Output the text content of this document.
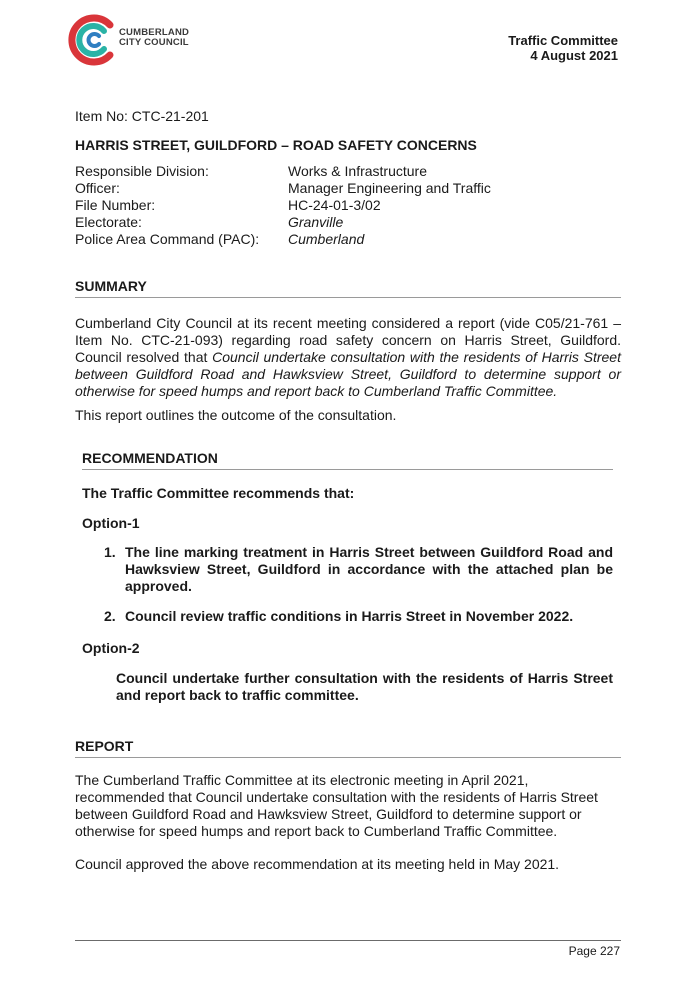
CUMBERLAND
CITY COUNCIL	Traffic Committee
4 August 2021
Item No: CTC-21-201
HARRIS STREET, GUILDFORD – ROAD SAFETY CONCERNS
Responsible Division:	Works & Infrastructure
Officer:	Manager Engineering and Traffic
File Number:	HC-24-01-3/02
Electorate:	Granville
Police Area Command (PAC):	Cumberland
SUMMARY
Cumberland City Council at its recent meeting considered a report (vide C05/21-761 – Item No. CTC-21-093) regarding road safety concern on Harris Street, Guildford. Council resolved that Council undertake consultation with the residents of Harris Street between Guildford Road and Hawksview Street, Guildford to determine support or otherwise for speed humps and report back to Cumberland Traffic Committee.
This report outlines the outcome of the consultation.
RECOMMENDATION
The Traffic Committee recommends that:
Option-1
1. The line marking treatment in Harris Street between Guildford Road and Hawksview Street, Guildford in accordance with the attached plan be approved.
2. Council review traffic conditions in Harris Street in November 2022.
Option-2
Council undertake further consultation with the residents of Harris Street and report back to traffic committee.
REPORT
The Cumberland Traffic Committee at its electronic meeting in April 2021, recommended that Council undertake consultation with the residents of Harris Street between Guildford Road and Hawksview Street, Guildford to determine support or otherwise for speed humps and report back to Cumberland Traffic Committee.
Council approved the above recommendation at its meeting held in May 2021.
Page 227
